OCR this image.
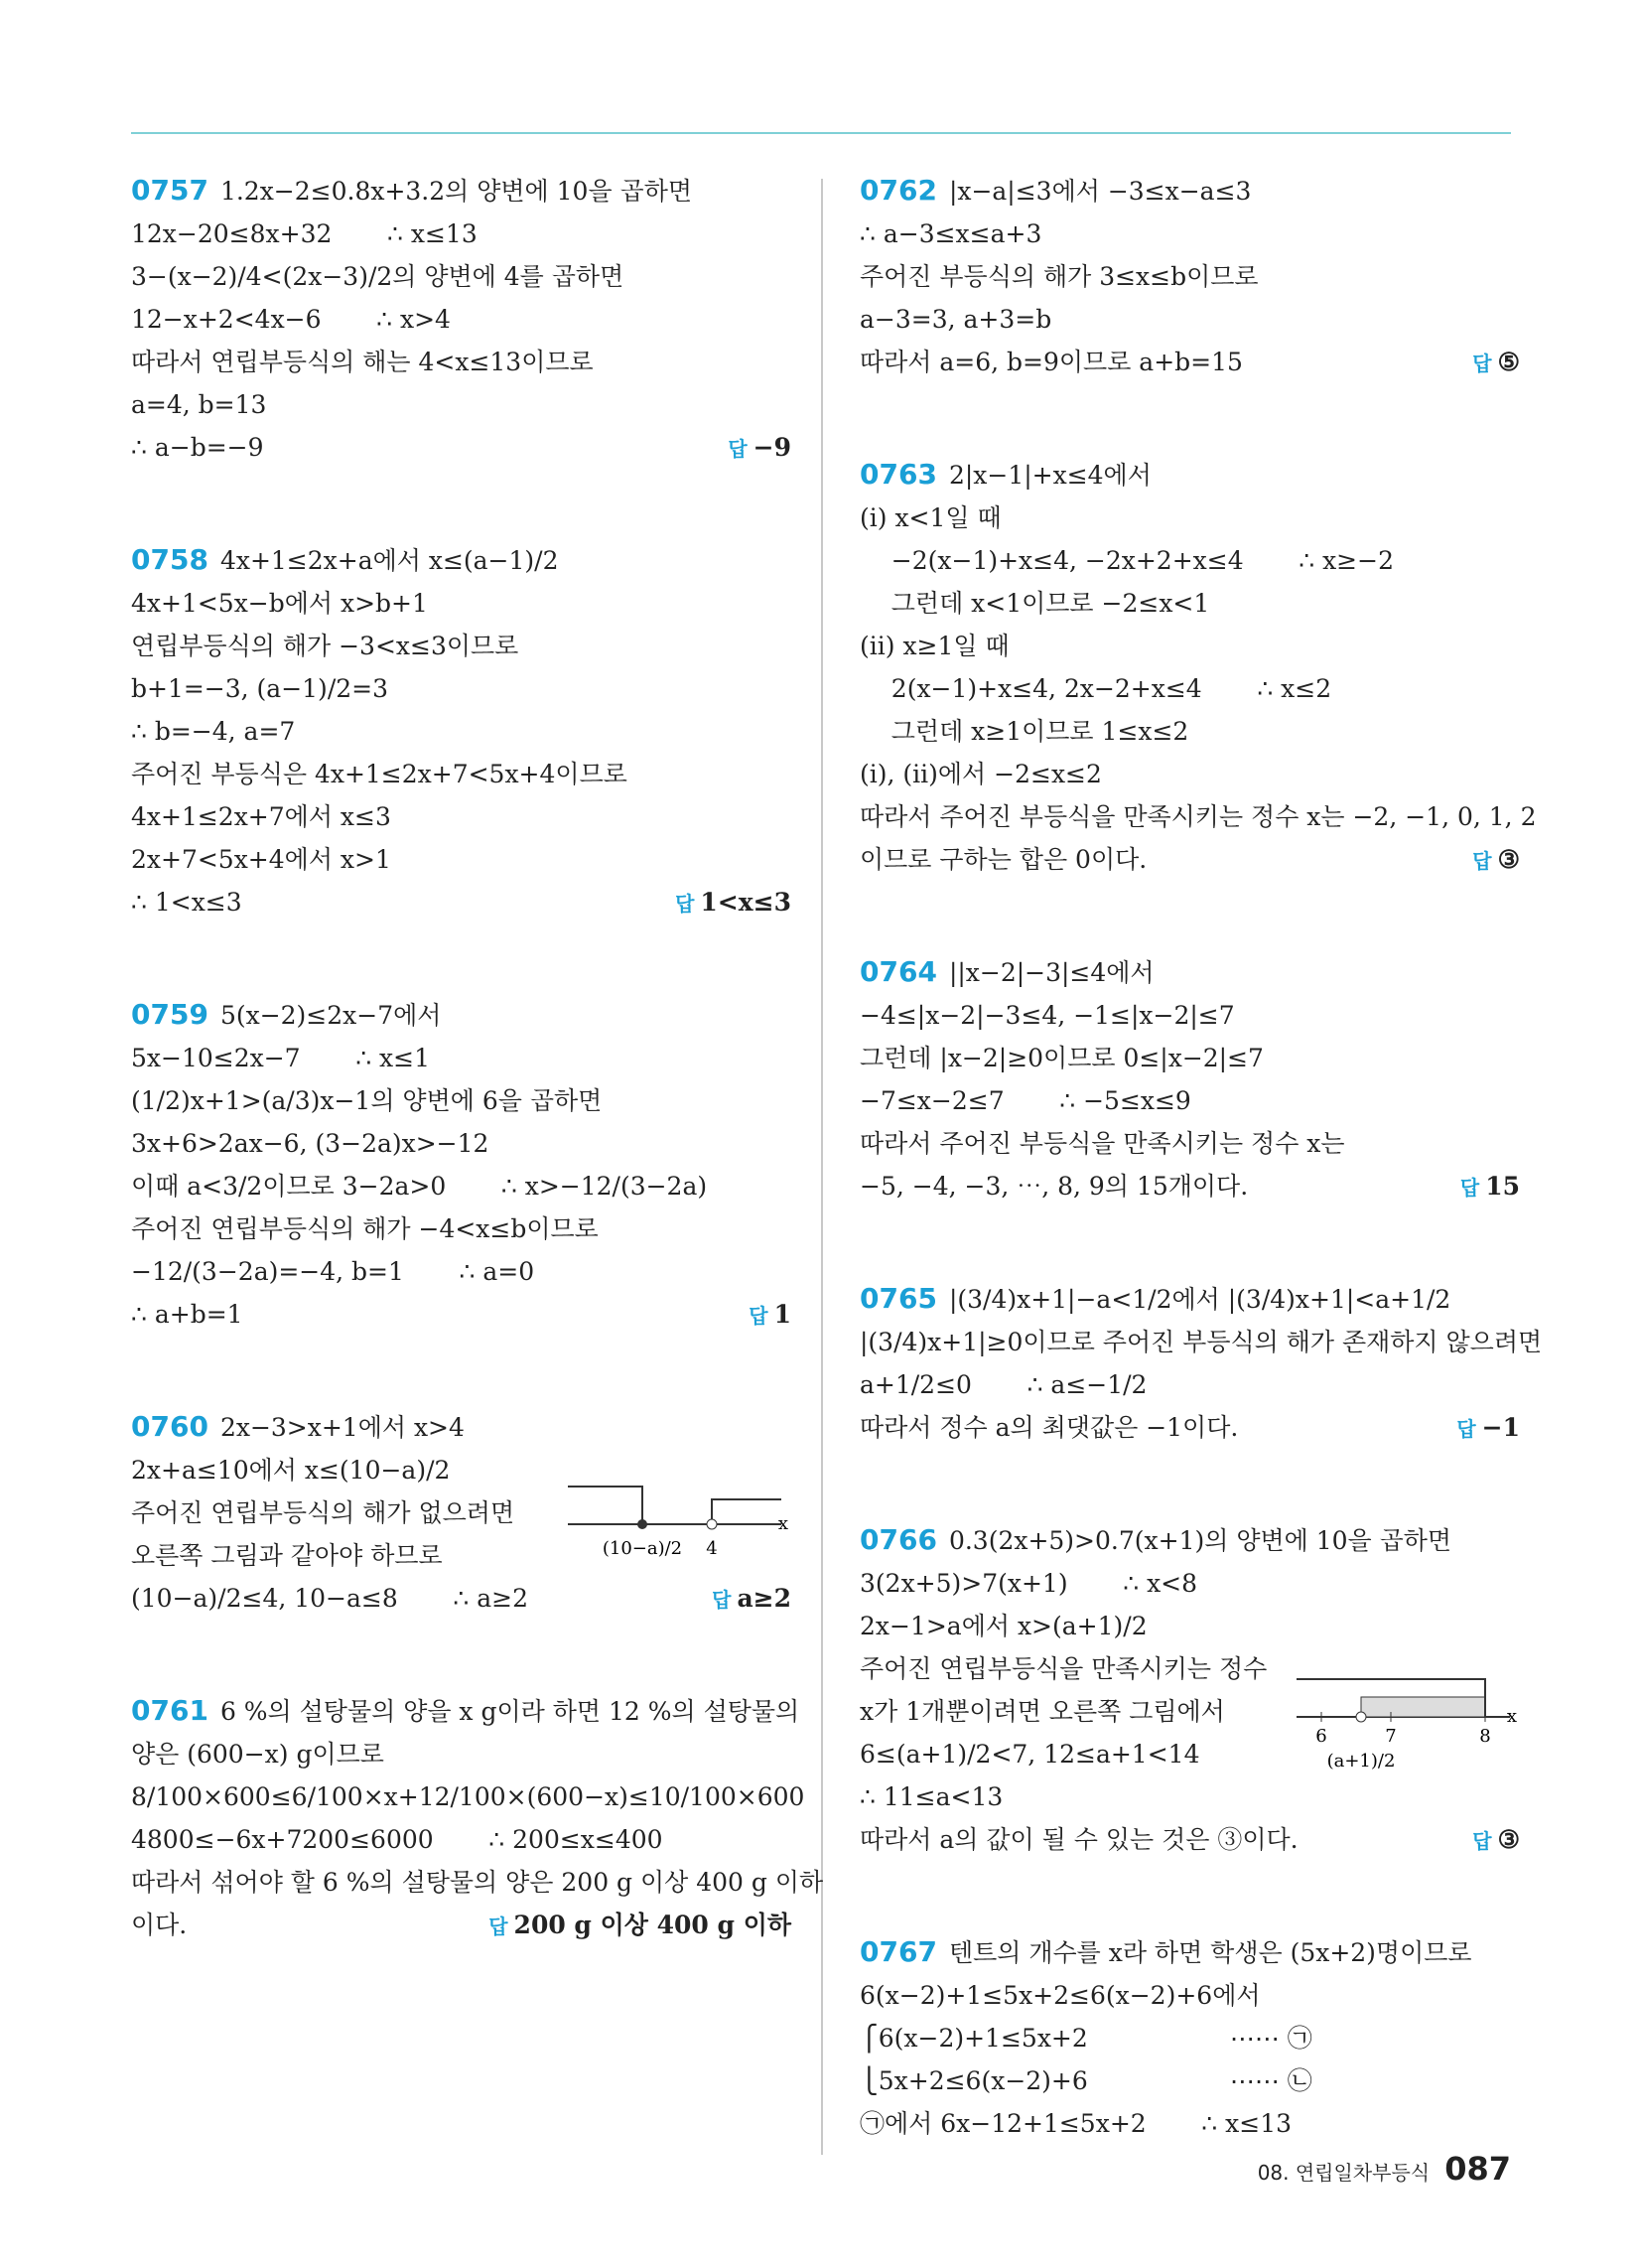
0757 1.2x−2≤0.8x+3.2의 양변에 10을 곱하면
12x−20≤8x+32       ∴ x≤13
3−(x−2)/4<(2x−3)/2의 양변에 4를 곱하면
12−x+2<4x−6       ∴ x>4
따라서 연립부등식의 해는 4<x≤13이므로
a=4, b=13
∴ a−b=−9	답 −9
0758 4x+1≤2x+a에서 x≤(a−1)/2
4x+1<5x−b에서 x>b+1
연립부등식의 해가 −3<x≤3이므로
b+1=−3, (a−1)/2=3
∴ b=−4, a=7
주어진 부등식은 4x+1≤2x+7<5x+4이므로
4x+1≤2x+7에서 x≤3
2x+7<5x+4에서 x>1
∴ 1<x≤3	답 1<x≤3
0759 5(x−2)≤2x−7에서
5x−10≤2x−7       ∴ x≤1
(1/2)x+1>(a/3)x−1의 양변에 6을 곱하면
3x+6>2ax−6, (3−2a)x>−12
이때 a<3/2이므로 3−2a>0       ∴ x>−12/(3−2a)
주어진 연립부등식의 해가 −4<x≤b이므로
−12/(3−2a)=−4, b=1       ∴ a=0
∴ a+b=1	답 1
0760 2x−3>x+1에서 x>4
2x+a≤10에서 x≤(10−a)/2
주어진 연립부등식의 해가 없으려면
오른쪽 그림과 같아야 하므로
(10−a)/2≤4, 10−a≤8       ∴ a≥2	답 a≥2
(10−a)/2 4
x
0761 6 %의 설탕물의 양을 x g이라 하면 12 %의 설탕물의
양은 (600−x) g이므로
8/100×600≤6/100×x+12/100×(600−x)≤10/100×600
4800≤−6x+7200≤6000       ∴ 200≤x≤400
따라서 섞어야 할 6 %의 설탕물의 양은 200 g 이상 400 g 이하
이다.	답 200 g 이상 400 g 이하
0762 |x−a|≤3에서 −3≤x−a≤3
∴ a−3≤x≤a+3
주어진 부등식의 해가 3≤x≤b이므로
a−3=3, a+3=b
따라서 a=6, b=9이므로 a+b=15	답 ⑤
0763 2|x−1|+x≤4에서
(ⅰ) x<1일 때
−2(x−1)+x≤4, −2x+2+x≤4       ∴ x≥−2
그런데 x<1이므로 −2≤x<1
(ⅱ) x≥1일 때
2(x−1)+x≤4, 2x−2+x≤4       ∴ x≤2
그런데 x≥1이므로 1≤x≤2
(ⅰ), (ⅱ)에서 −2≤x≤2
따라서 주어진 부등식을 만족시키는 정수 x는 −2, −1, 0, 1, 2
이므로 구하는 합은 0이다.	답 ③
0764 ||x−2|−3|≤4에서
−4≤|x−2|−3≤4, −1≤|x−2|≤7
그런데 |x−2|≥0이므로 0≤|x−2|≤7
−7≤x−2≤7       ∴ −5≤x≤9
따라서 주어진 부등식을 만족시키는 정수 x는
−5, −4, −3, ⋯, 8, 9의 15개이다.	답 15
0765 |(3/4)x+1|−a<1/2에서 |(3/4)x+1|<a+1/2
|(3/4)x+1|≥0이므로 주어진 부등식의 해가 존재하지 않으려면
a+1/2≤0       ∴ a≤−1/2
따라서 정수 a의 최댓값은 −1이다.	답 −1
0766 0.3(2x+5)>0.7(x+1)의 양변에 10을 곱하면
3(2x+5)>7(x+1)       ∴ x<8
2x−1>a에서 x>(a+1)/2
주어진 연립부등식을 만족시키는 정수
x가 1개뿐이려면 오른쪽 그림에서
6≤(a+1)/2<7, 12≤a+1<14
∴ 11≤a<13
따라서 a의 값이 될 수 있는 것은 ③이다.	답 ③
6	7	8
x
(a+1)/2
0767 텐트의 개수를 x라 하면 학생은 (5x+2)명이므로
6(x−2)+1≤5x+2≤6(x−2)+6에서
⎧6(x−2)+1≤5x+2                  ⋯⋯ ㉠
⎩5x+2≤6(x−2)+6                  ⋯⋯ ㉡
㉠에서 6x−12+1≤5x+2       ∴ x≤13
08. 연립일차부등식 087
